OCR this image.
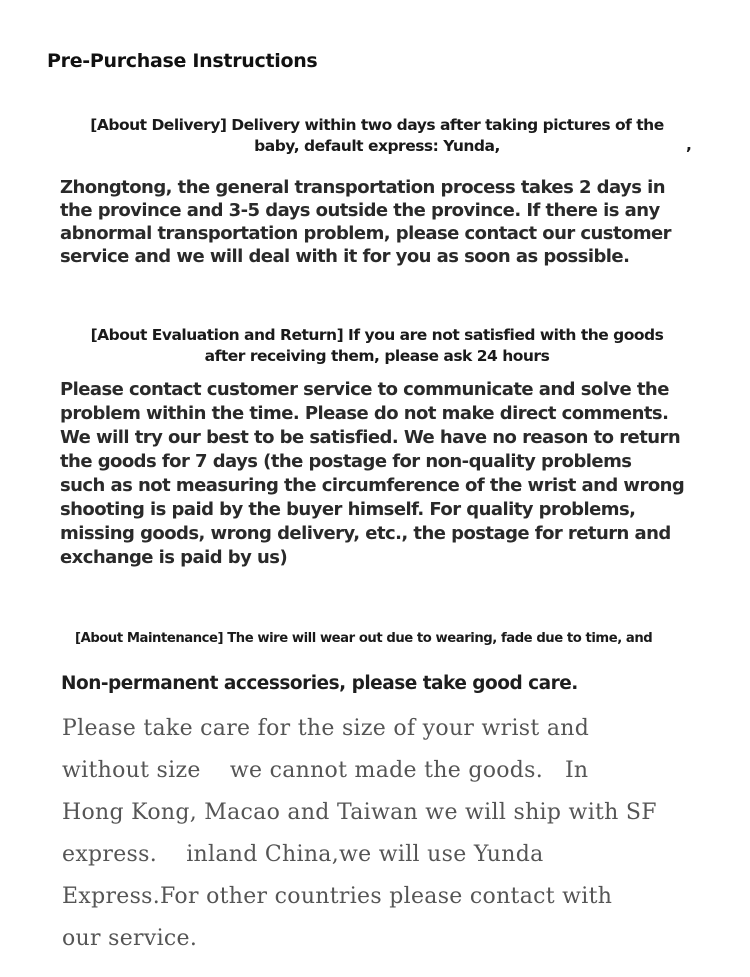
Pre-Purchase Instructions
[About Delivery] Delivery within two days after taking pictures of the
baby, default express: Yunda,	,
Zhongtong, the general transportation process takes 2 days in
the province and 3-5 days outside the province. If there is any
abnormal transportation problem, please contact our customer
service and we will deal with it for you as soon as possible.
[About Evaluation and Return] If you are not satisfied with the goods
after receiving them, please ask 24 hours
Please contact customer service to communicate and solve the
problem within the time. Please do not make direct comments.
We will try our best to be satisfied. We have no reason to return
the goods for 7 days (the postage for non-quality problems
such as not measuring the circumference of the wrist and wrong
shooting is paid by the buyer himself. For quality problems,
missing goods, wrong delivery, etc., the postage for return and
exchange is paid by us)
[About Maintenance] The wire will wear out due to wearing, fade due to time, and
Non-permanent accessories, please take good care.
Please take care for the size of your wrist and
without size    we cannot made the goods.   In
Hong Kong, Macao and Taiwan we will ship with SF
express.    inland China,we will use Yunda
Express.For other countries please contact with
our service.
